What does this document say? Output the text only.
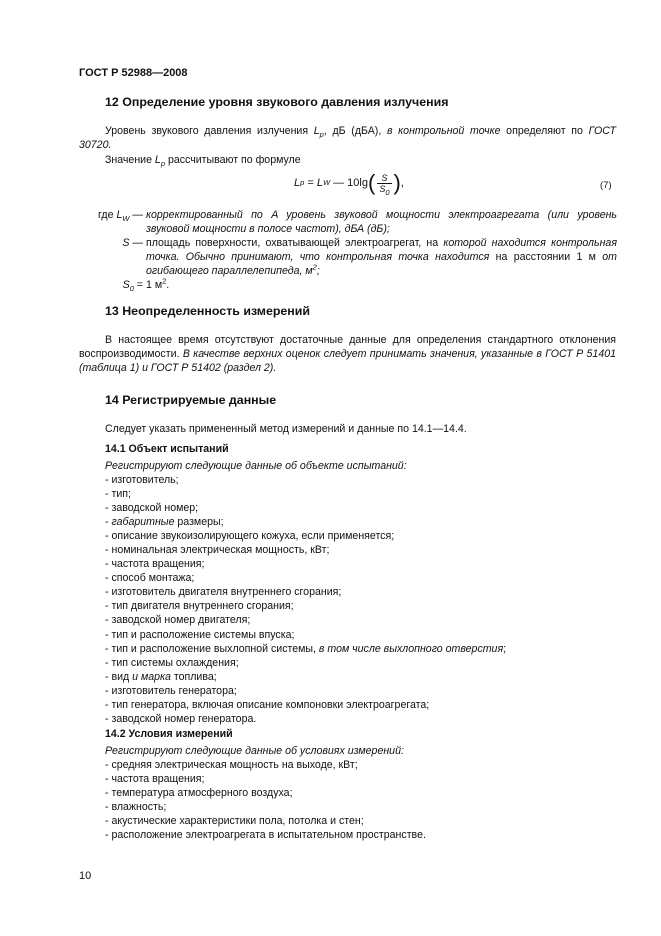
ГОСТ Р 52988—2008
12 Определение уровня звукового давления излучения
Уровень звукового давления излучения $L_p$, дБ (дБА), в контрольной точке определяют по ГОСТ 30720.
Значение $L_p$ рассчитывают по формуле
L p = L W — 10lg ( $\frac{S}{S_0}$ ) ,	(7)
где $L_W$ — корректированный по A уровень звуковой мощности электроагрегата (или уровень звуковой мощности в полосе частот), дБА (дБ);
S — площадь поверхности, охватывающей электроагрегат, на которой находится контрольная точка. Обычно принимают, что контрольная точка находится на расстоянии 1 м от огибающего параллелепипеда, $м^2$;
$S_0 = 1$ $м^2$.
13 Неопределенность измерений
В настоящее время отсутствуют достаточные данные для определения стандартного отклонения воспроизводимости. В качестве верхних оценок следует принимать значения, указанные в ГОСТ Р 51401 (таблица 1) и ГОСТ Р 51402 (раздел 2).
14 Регистрируемые данные
Следует указать примененный метод измерений и данные по 14.1—14.4.
14.1 Объект испытаний
Регистрируют следующие данные об объекте испытаний:
- изготовитель;
- тип;
- заводской номер;
- габаритные размеры;
- описание звукоизолирующего кожуха, если применяется;
- номинальная электрическая мощность, кВт;
- частота вращения;
- способ монтажа;
- изготовитель двигателя внутреннего сгорания;
- тип двигателя внутреннего сгорания;
- заводской номер двигателя;
- тип и расположение системы впуска;
- тип и расположение выхлопной системы, в том числе выхлопного отверстия;
- тип системы охлаждения;
- вид и марка топлива;
- изготовитель генератора;
- тип генератора, включая описание компоновки электроагрегата;
- заводской номер генератора.
14.2 Условия измерений
Регистрируют следующие данные об условиях измерений:
- средняя электрическая мощность на выходе, кВт;
- частота вращения;
- температура атмосферного воздуха;
- влажность;
- акустические характеристики пола, потолка и стен;
- расположение электроагрегата в испытательном пространстве.
10
